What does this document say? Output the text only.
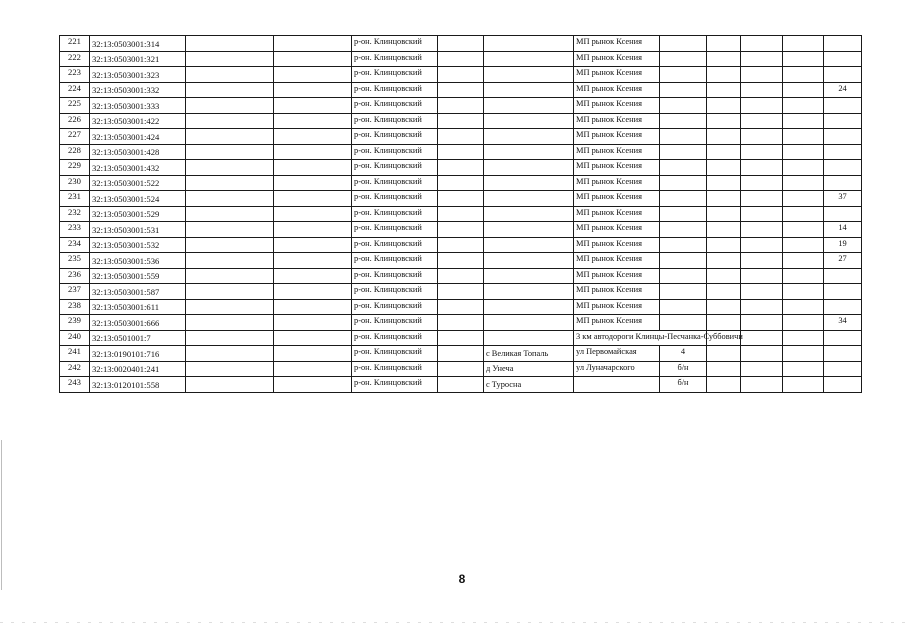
221	32:13:0503001:314			р-он. Клинцовский			МП рынок Ксения					
222	32:13:0503001:321			р-он. Клинцовский			МП рынок Ксения					
223	32:13:0503001:323			р-он. Клинцовский			МП рынок Ксения					
224	32:13:0503001:332			р-он. Клинцовский			МП рынок Ксения					24
225	32:13:0503001:333			р-он. Клинцовский			МП рынок Ксения					
226	32:13:0503001:422			р-он. Клинцовский			МП рынок Ксения					
227	32:13:0503001:424			р-он. Клинцовский			МП рынок Ксения					
228	32:13:0503001:428			р-он. Клинцовский			МП рынок Ксения					
229	32:13:0503001:432			р-он. Клинцовский			МП рынок Ксения					
230	32:13:0503001:522			р-он. Клинцовский			МП рынок Ксения					
231	32:13:0503001:524			р-он. Клинцовский			МП рынок Ксения					37
232	32:13:0503001:529			р-он. Клинцовский			МП рынок Ксения					
233	32:13:0503001:531			р-он. Клинцовский			МП рынок Ксения					14
234	32:13:0503001:532			р-он. Клинцовский			МП рынок Ксения					19
235	32:13:0503001:536			р-он. Клинцовский			МП рынок Ксения					27
236	32:13:0503001:559			р-он. Клинцовский			МП рынок Ксения					
237	32:13:0503001:587			р-он. Клинцовский			МП рынок Ксения					
238	32:13:0503001:611			р-он. Клинцовский			МП рынок Ксения					
239	32:13:0503001:666			р-он. Клинцовский			МП рынок Ксения					34
240	32:13:0501001:7			р-он. Клинцовский			3 км автодороги Клинцы-Песчанка-Суббовичи					
241	32:13:0190101:716			р-он. Клинцовский		с Великая Топаль	ул Первомайская	4				
242	32:13:0020401:241			р-он. Клинцовский		д Унеча	ул Луначарского	б/н				
243	32:13:0120101:558			р-он. Клинцовский		с Туросна		б/н				
8
